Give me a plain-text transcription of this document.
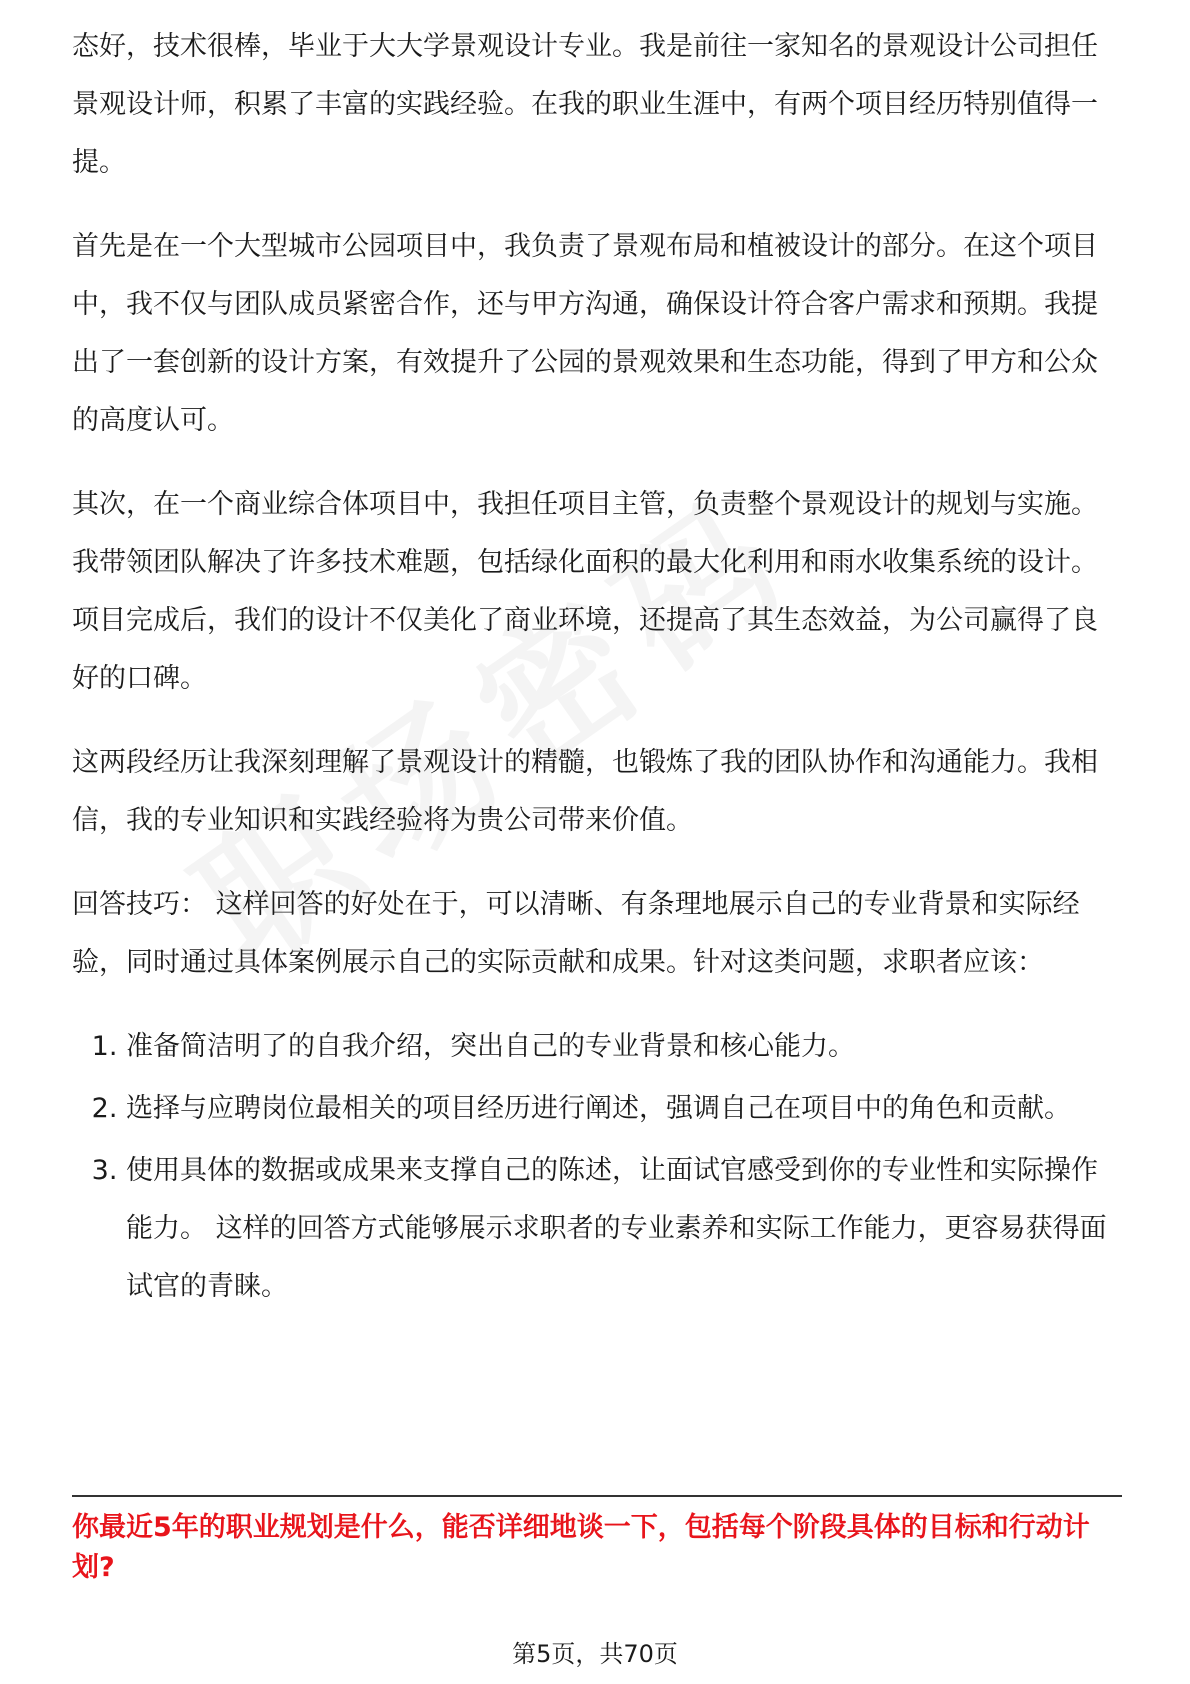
态好，技术很棒，毕业于大大学景观设计专业。我是前往一家知名的景观设计公司担任景观设计师，积累了丰富的实践经验。在我的职业生涯中，有两个项目经历特别值得一提。

首先是在一个大型城市公园项目中，我负责了景观布局和植被设计的部分。在这个项目中，我不仅与团队成员紧密合作，还与甲方沟通，确保设计符合客户需求和预期。我提出了一套创新的设计方案，有效提升了公园的景观效果和生态功能，得到了甲方和公众的高度认可。

其次，在一个商业综合体项目中，我担任项目主管，负责整个景观设计的规划与实施。我带领团队解决了许多技术难题，包括绿化面积的最大化利用和雨水收集系统的设计。项目完成后，我们的设计不仅美化了商业环境，还提高了其生态效益，为公司赢得了良好的口碑。

这两段经历让我深刻理解了景观设计的精髓，也锻炼了我的团队协作和沟通能力。我相信，我的专业知识和实践经验将为贵公司带来价值。

回答技巧： 这样回答的好处在于，可以清晰、有条理地展示自己的专业背景和实际经验，同时通过具体案例展示自己的实际贡献和成果。针对这类问题，求职者应该：

1. 准备简洁明了的自我介绍，突出自己的专业背景和核心能力。
2. 选择与应聘岗位最相关的项目经历进行阐述，强调自己在项目中的角色和贡献。
3. 使用具体的数据或成果来支撑自己的陈述，让面试官感受到你的专业性和实际操作能力。 这样的回答方式能够展示求职者的专业素养和实际工作能力，更容易获得面试官的青睐。
你最近5年的职业规划是什么，能否详细地谈一下，包括每个阶段具体的目标和行动计划?
第5页，共70页
